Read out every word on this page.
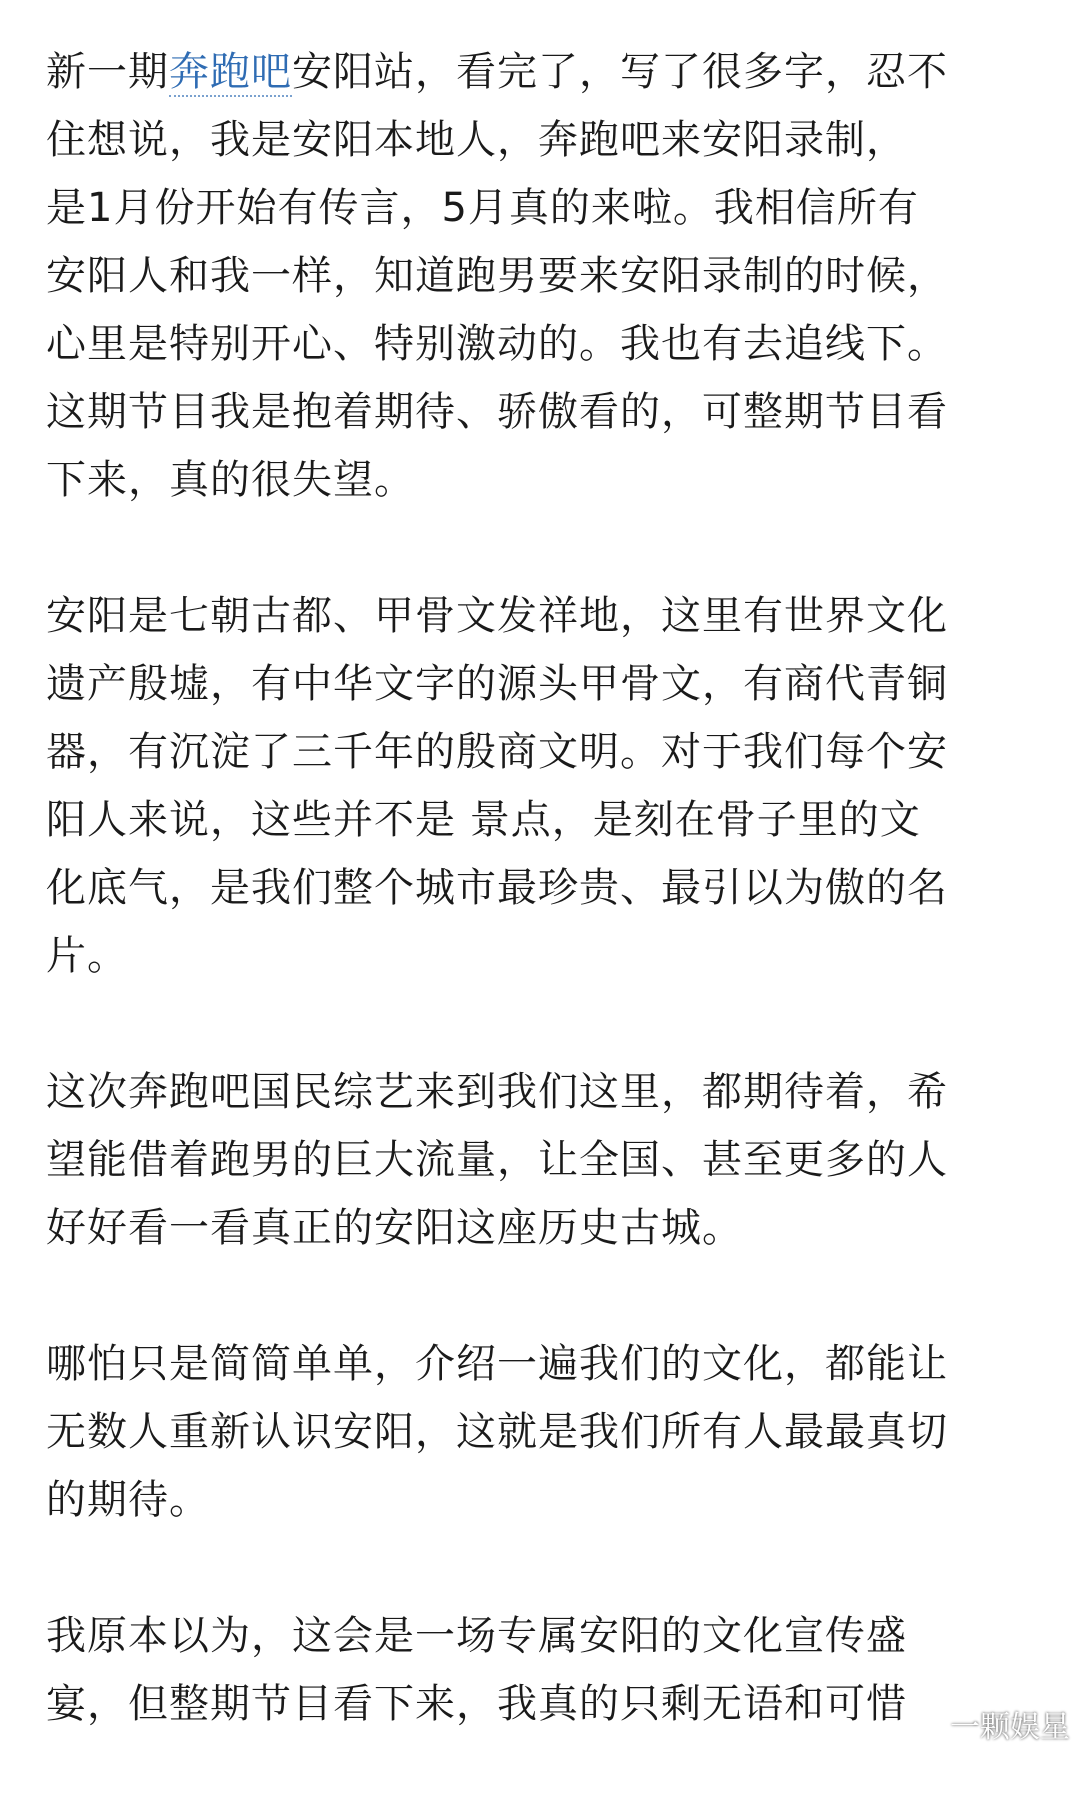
新一期奔跑吧安阳站，看完了，写了很多字，忍不
住想说，我是安阳本地人，奔跑吧来安阳录制，
是1月份开始有传言，5月真的来啦。我相信所有
安阳人和我一样，知道跑男要来安阳录制的时候，
心里是特别开心、特别激动的。我也有去追线下。
这期节目我是抱着期待、骄傲看的，可整期节目看
下来，真的很失望。

安阳是七朝古都、甲骨文发祥地，这里有世界文化
遗产殷墟，有中华文字的源头甲骨文，有商代青铜
器，有沉淀了三千年的殷商文明。对于我们每个安
阳人来说，这些并不是 景点，是刻在骨子里的文
化底气，是我们整个城市最珍贵、最引以为傲的名
片。

这次奔跑吧国民综艺来到我们这里，都期待着，希
望能借着跑男的巨大流量，让全国、甚至更多的人
好好看一看真正的安阳这座历史古城。

哪怕只是简简单单，介绍一遍我们的文化，都能让
无数人重新认识安阳，这就是我们所有人最最真切
的期待。

我原本以为，这会是一场专属安阳的文化宣传盛
宴，但整期节目看下来，我真的只剩无语和可惜

一颗娱星
